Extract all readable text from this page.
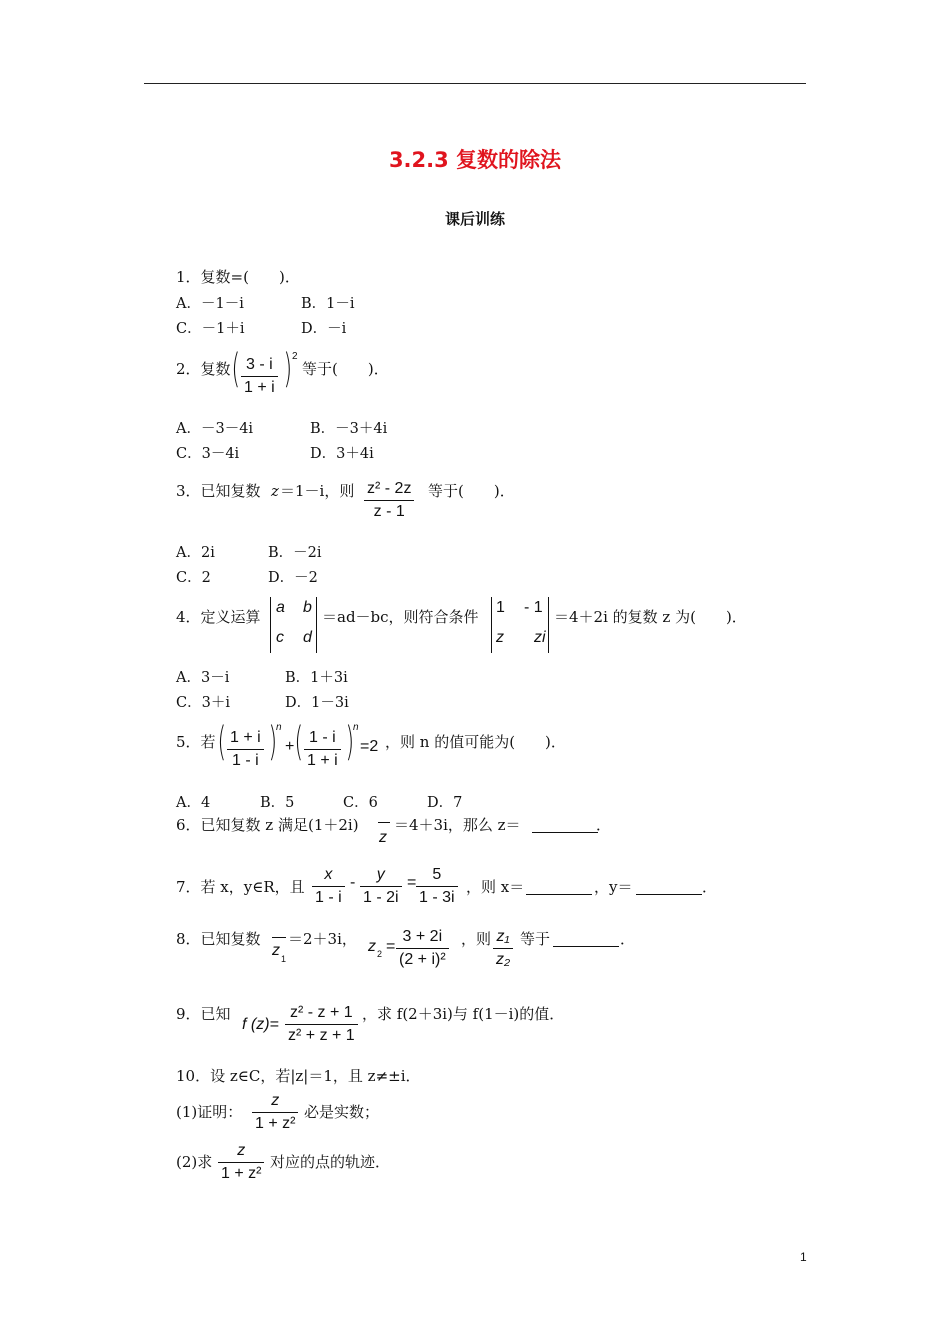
3.2.3 复数的除法
课后训练
1．复数=(　　)．
A．－1－i	B．1－i
C．－1＋i	D．－i
2．复数 ( $\frac{3 - i}{1 + i}$ ) 2
等于(　　)．
A．－3－4i	B．－3＋4i
C．3－4i	D．3＋4i
3．已知复数 z ＝1－i，则 $\frac{\text{z² - 2z}}{z - 1}$ 等于(　　)．
A．2i	B．－2i
C．2	D．－2
4．定义运算
a b
c d
＝ad－bc，则符合条件
1 - 1
z zi
＝4＋2i 的复数 z 为(　　)．
A．3－i	B．1＋3i
C．3＋i	D．1－3i
5．若 ( $\frac{1 + i}{1 - i}$ )
n
+ ( $\frac{1 - i}{1 + i}$ )
n
=2 ，则 n 的值可能为(　　)．
A．4	B．5	C．6	D．7
6．已知复数 z 满足(1＋2i)
z
＝4＋3i，那么 z＝	．
7．若 x，y∈R，且 $\frac{x}{1 - i} - \frac{y}{1 - 2i} = \frac{5}{1 - 3i}$ ，则 x＝	，y＝	．
8．已知复数
z 1
＝2＋3i， z $2 = \frac{3 + 2i}{\text{(2 + i)²}}$ ，则 $\frac{\text{z₁}}{\text{z₂}}$ 等于	．
9．已知
f $(z)= \frac{\text{z² - z + 1}}{\text{z² + z + 1}}$ ，求 f(2＋3i)与 f(1－i)的值．
10．设 z∈C，若|z|＝1，且 z≠±i．
(1)证明： $\frac{z}{\text{1 + z²}}$ 必是实数；
(2)求 $\frac{z}{\text{1 + z²}}$ 对应的点的轨迹．
1
